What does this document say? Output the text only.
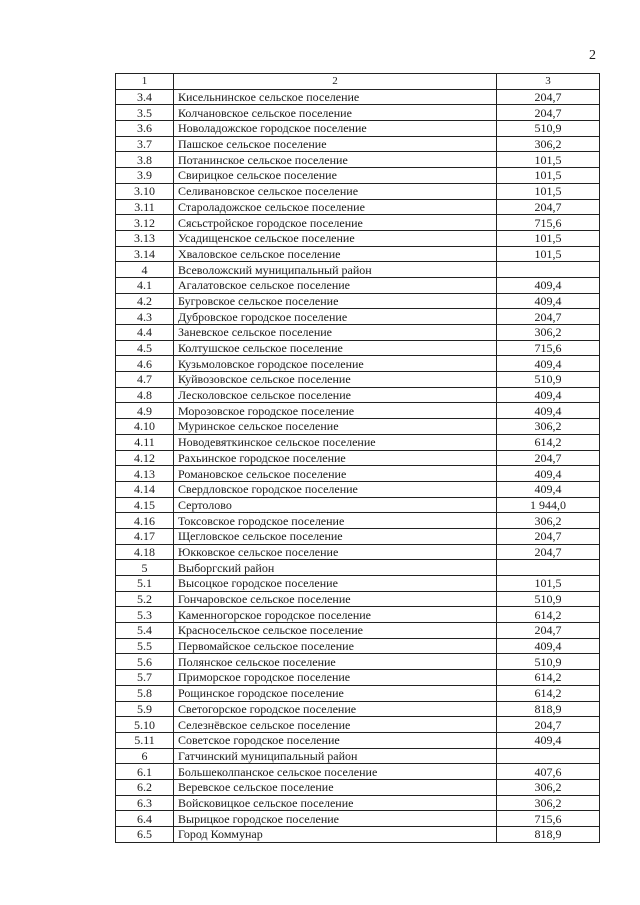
2
1	2	3
3.4	Кисельнинское сельское поселение	204,7
3.5	Колчановское сельское поселение	204,7
3.6	Новоладожское городское поселение	510,9
3.7	Пашское сельское поселение	306,2
3.8	Потанинское сельское поселение	101,5
3.9	Свирицкое сельское поселение	101,5
3.10	Селивановское сельское поселение	101,5
3.11	Староладожское сельское поселение	204,7
3.12	Сясьстройское городское поселение	715,6
3.13	Усадищенское сельское поселение	101,5
3.14	Хваловское сельское поселение	101,5
4	Всеволожский муниципальный район	
4.1	Агалатовское сельское поселение	409,4
4.2	Бугровское сельское поселение	409,4
4.3	Дубровское городское поселение	204,7
4.4	Заневское сельское поселение	306,2
4.5	Колтушское сельское поселение	715,6
4.6	Кузьмоловское городское поселение	409,4
4.7	Куйвозовское сельское поселение	510,9
4.8	Лесколовское сельское поселение	409,4
4.9	Морозовское городское поселение	409,4
4.10	Муринское сельское поселение	306,2
4.11	Новодевяткинское сельское поселение	614,2
4.12	Рахьинское городское поселение	204,7
4.13	Романовское сельское поселение	409,4
4.14	Свердловское городское поселение	409,4
4.15	Сертолово	1 944,0
4.16	Токсовское городское поселение	306,2
4.17	Щегловское сельское поселение	204,7
4.18	Юкковское сельское поселение	204,7
5	Выборгский район	
5.1	Высоцкое городское поселение	101,5
5.2	Гончаровское сельское поселение	510,9
5.3	Каменногорское городское поселение	614,2
5.4	Красносельское сельское поселение	204,7
5.5	Первомайское сельское поселение	409,4
5.6	Полянское сельское поселение	510,9
5.7	Приморское городское поселение	614,2
5.8	Рощинское городское поселение	614,2
5.9	Светогорское городское поселение	818,9
5.10	Селезнёвское сельское поселение	204,7
5.11	Советское городское поселение	409,4
6	Гатчинский муниципальный район	
6.1	Большеколпанское сельское поселение	407,6
6.2	Веревское сельское поселение	306,2
6.3	Войсковицкое сельское поселение	306,2
6.4	Вырицкое городское поселение	715,6
6.5	Город Коммунар	818,9
